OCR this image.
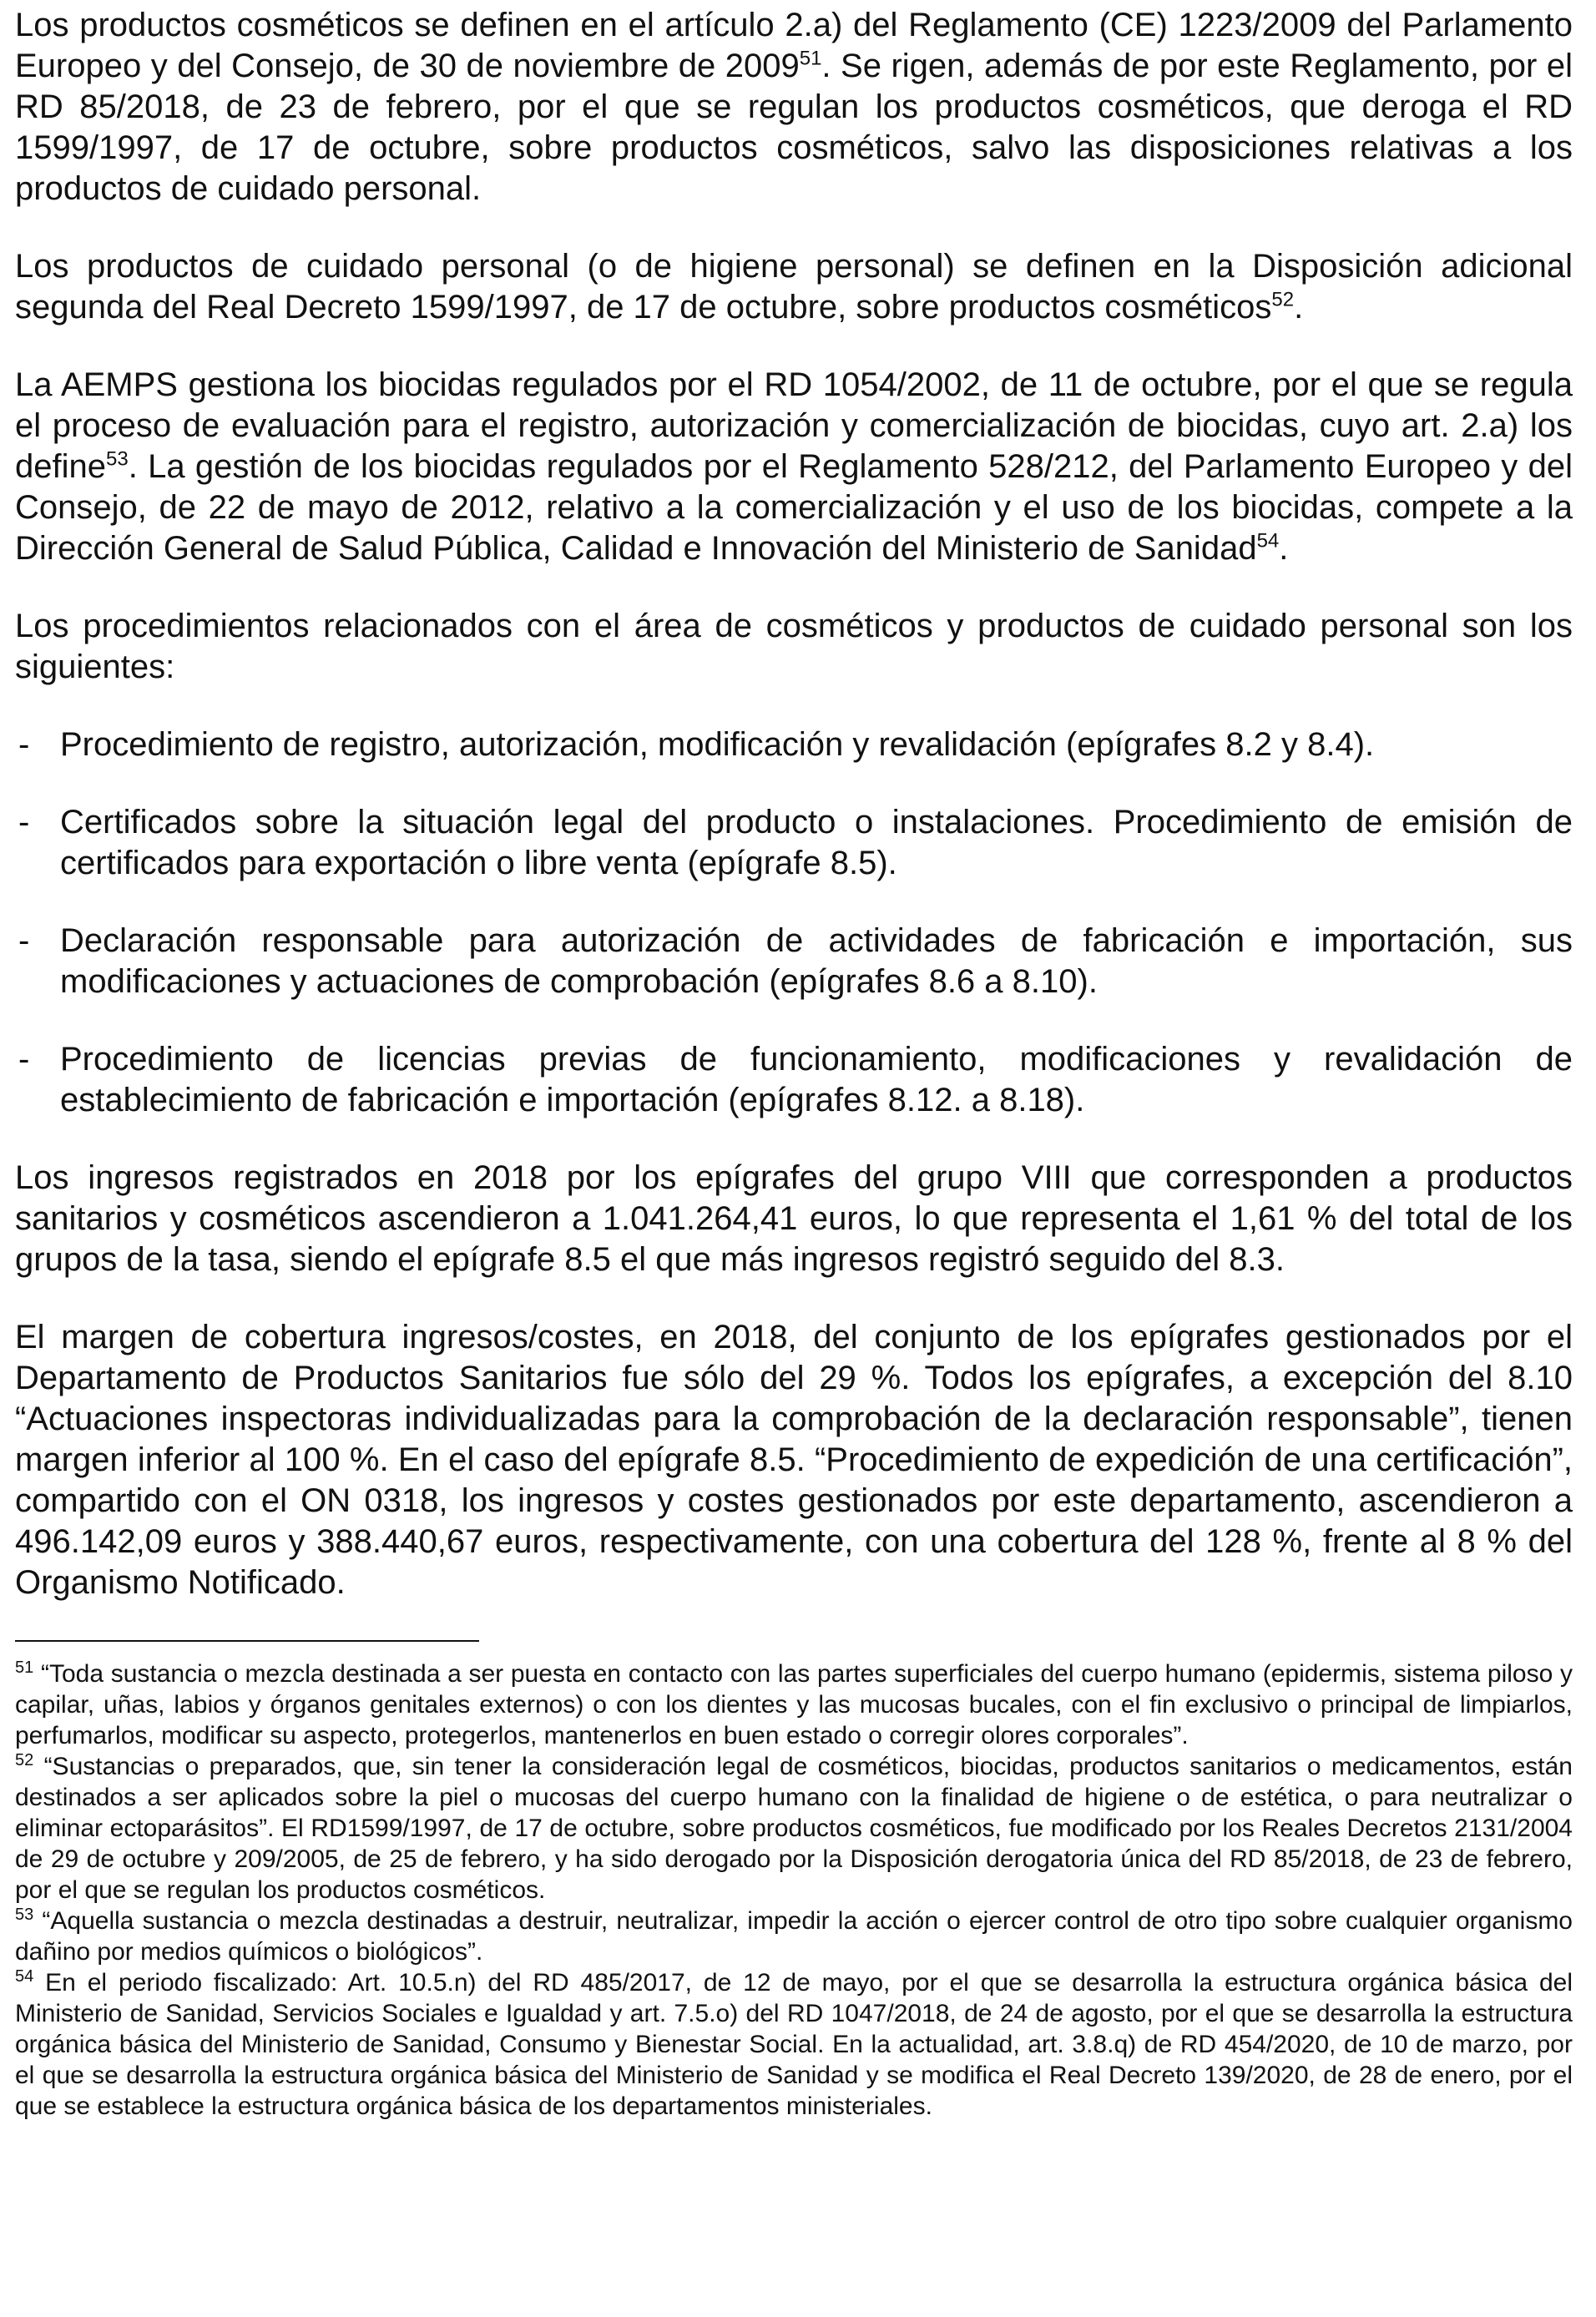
Los productos cosméticos se definen en el artículo 2.a) del Reglamento (CE) 1223/2009 del Parlamento Europeo y del Consejo, de 30 de noviembre de 2009$^{51}$. Se rigen, además de por este Reglamento, por el RD 85/2018, de 23 de febrero, por el que se regulan los productos cosméticos, que deroga el RD 1599/1997, de 17 de octubre, sobre productos cosméticos, salvo las disposiciones relativas a los productos de cuidado personal.

Los productos de cuidado personal (o de higiene personal) se definen en la Disposición adicional segunda del Real Decreto 1599/1997, de 17 de octubre, sobre productos cosméticos$^{52}$.

La AEMPS gestiona los biocidas regulados por el RD 1054/2002, de 11 de octubre, por el que se regula el proceso de evaluación para el registro, autorización y comercialización de biocidas, cuyo art. 2.a) los define$^{53}$. La gestión de los biocidas regulados por el Reglamento 528/212, del Parlamento Europeo y del Consejo, de 22 de mayo de 2012, relativo a la comercialización y el uso de los biocidas, compete a la Dirección General de Salud Pública, Calidad e Innovación del Ministerio de Sanidad$^{54}$.

Los procedimientos relacionados con el área de cosméticos y productos de cuidado personal son los siguientes:

- Procedimiento de registro, autorización, modificación y revalidación (epígrafes 8.2 y 8.4).
- Certificados sobre la situación legal del producto o instalaciones. Procedimiento de emisión de certificados para exportación o libre venta (epígrafe 8.5).
- Declaración responsable para autorización de actividades de fabricación e importación, sus modificaciones y actuaciones de comprobación (epígrafes 8.6 a 8.10).
- Procedimiento de licencias previas de funcionamiento, modificaciones y revalidación de establecimiento de fabricación e importación (epígrafes 8.12. a 8.18).

Los ingresos registrados en 2018 por los epígrafes del grupo VIII que corresponden a productos sanitarios y cosméticos ascendieron a 1.041.264,41 euros, lo que representa el 1,61 % del total de los grupos de la tasa, siendo el epígrafe 8.5 el que más ingresos registró seguido del 8.3.

El margen de cobertura ingresos/costes, en 2018, del conjunto de los epígrafes gestionados por el Departamento de Productos Sanitarios fue sólo del 29 %. Todos los epígrafes, a excepción del 8.10 “Actuaciones inspectoras individualizadas para la comprobación de la declaración responsable”, tienen margen inferior al 100 %. En el caso del epígrafe 8.5. “Procedimiento de expedición de una certificación”, compartido con el ON 0318, los ingresos y costes gestionados por este departamento, ascendieron a 496.142,09 euros y 388.440,67 euros, respectivamente, con una cobertura del 128 %, frente al 8 % del Organismo Notificado.

$^{51}$ “Toda sustancia o mezcla destinada a ser puesta en contacto con las partes superficiales del cuerpo humano (epidermis, sistema piloso y capilar, uñas, labios y órganos genitales externos) o con los dientes y las mucosas bucales, con el fin exclusivo o principal de limpiarlos, perfumarlos, modificar su aspecto, protegerlos, mantenerlos en buen estado o corregir olores corporales”.

$^{52}$ “Sustancias o preparados, que, sin tener la consideración legal de cosméticos, biocidas, productos sanitarios o medicamentos, están destinados a ser aplicados sobre la piel o mucosas del cuerpo humano con la finalidad de higiene o de estética, o para neutralizar o eliminar ectoparásitos”. El RD1599/1997, de 17 de octubre, sobre productos cosméticos, fue modificado por los Reales Decretos 2131/2004 de 29 de octubre y 209/2005, de 25 de febrero, y ha sido derogado por la Disposición derogatoria única del RD 85/2018, de 23 de febrero, por el que se regulan los productos cosméticos.

$^{53}$ “Aquella sustancia o mezcla destinadas a destruir, neutralizar, impedir la acción o ejercer control de otro tipo sobre cualquier organismo dañino por medios químicos o biológicos”.

$^{54}$ En el periodo fiscalizado: Art. 10.5.n) del RD 485/2017, de 12 de mayo, por el que se desarrolla la estructura orgánica básica del Ministerio de Sanidad, Servicios Sociales e Igualdad y art. 7.5.o) del RD 1047/2018, de 24 de agosto, por el que se desarrolla la estructura orgánica básica del Ministerio de Sanidad, Consumo y Bienestar Social. En la actualidad, art. 3.8.q) de RD 454/2020, de 10 de marzo, por el que se desarrolla la estructura orgánica básica del Ministerio de Sanidad y se modifica el Real Decreto 139/2020, de 28 de enero, por el que se establece la estructura orgánica básica de los departamentos ministeriales.
